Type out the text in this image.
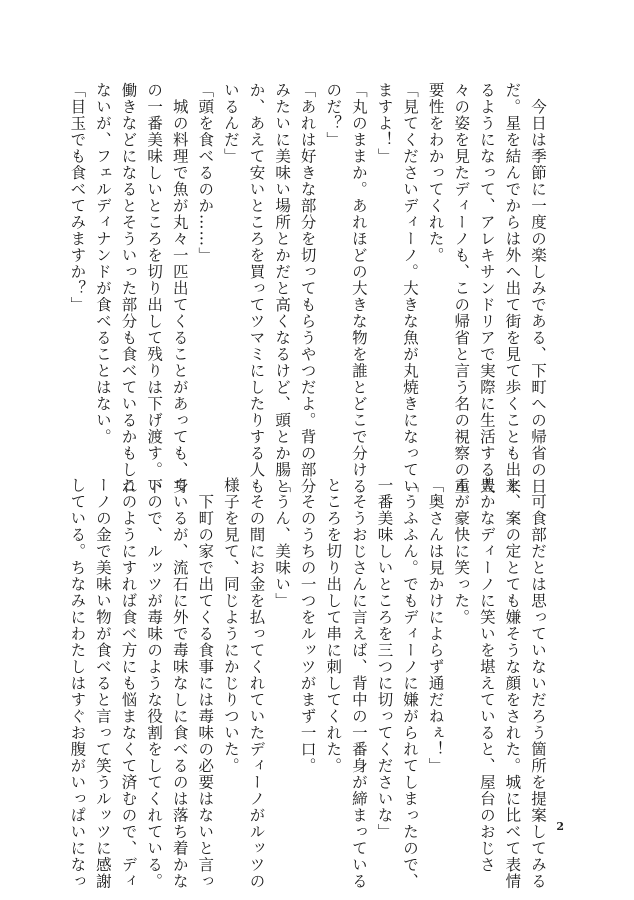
　今日は季節に一度の楽しみである、下町への帰省の日

だ。星を結んでからは外へ出て街を見て歩くことも出来

るようになって、アレキサンドリアで実際に生活する人

々の姿を見たディーノも、この帰省と言う名の視察の重

要性をわかってくれた。

「見てくださいディーノ。大きな魚が丸焼きになってい

ますよ！」

「丸のままか。あれほどの大きな物を誰とどこで分ける

のだ？」

「あれは好きな部分を切ってもらうやつだよ。背の部分

みたいに美味い場所とかだと高くなるけど、頭とか腸と

か、あえて安いところを買ってツマミにしたりする人も

いるんだ」

「頭を食べるのか……」

　城の料理で魚が丸々一匹出てくることがあっても、身

の一番美味しいところを切り出して残りは下げ渡す。下

働きなどになるとそういった部分も食べているかもしれ

ないが、フェルディナンドが食べることはない。

「目玉でも食べてみますか？」

　可食部だとは思っていないだろう箇所を提案してみる

と、案の定とても嫌そうな顔をされた。城に比べて表情

豊かなディーノに笑いを堪えていると、屋台のおじさ

んが豪快に笑った。

「奥さんは見かけによらず通だねぇ！」

「うふふん。でもディーノに嫌がられてしまったので、

一番美味しいところを三つに切ってくださいな」

　そうおじさんに言えば、背中の一番身が締まっている

ところを切り出して串に刺してくれた。

　そのうちの一つをルッツがまず一口。

「うん、美味い」

　その間にお金を払ってくれていたディーノがルッツの

様子を見て、同じようにかじりついた。

　下町の家で出てくる食事には毒味の必要はないと言っ

ているが、流石に外で毒味なしに食べるのは落ち着かな

いので、ルッツが毒味のような役割をしてくれている。

このようにすれば食べ方にも悩まなくて済むので、ディ

ーノの金で美味い物が食べると言って笑うルッツに感謝

している。ちなみにわたしはすぐお腹がいっぱいになっ	2
